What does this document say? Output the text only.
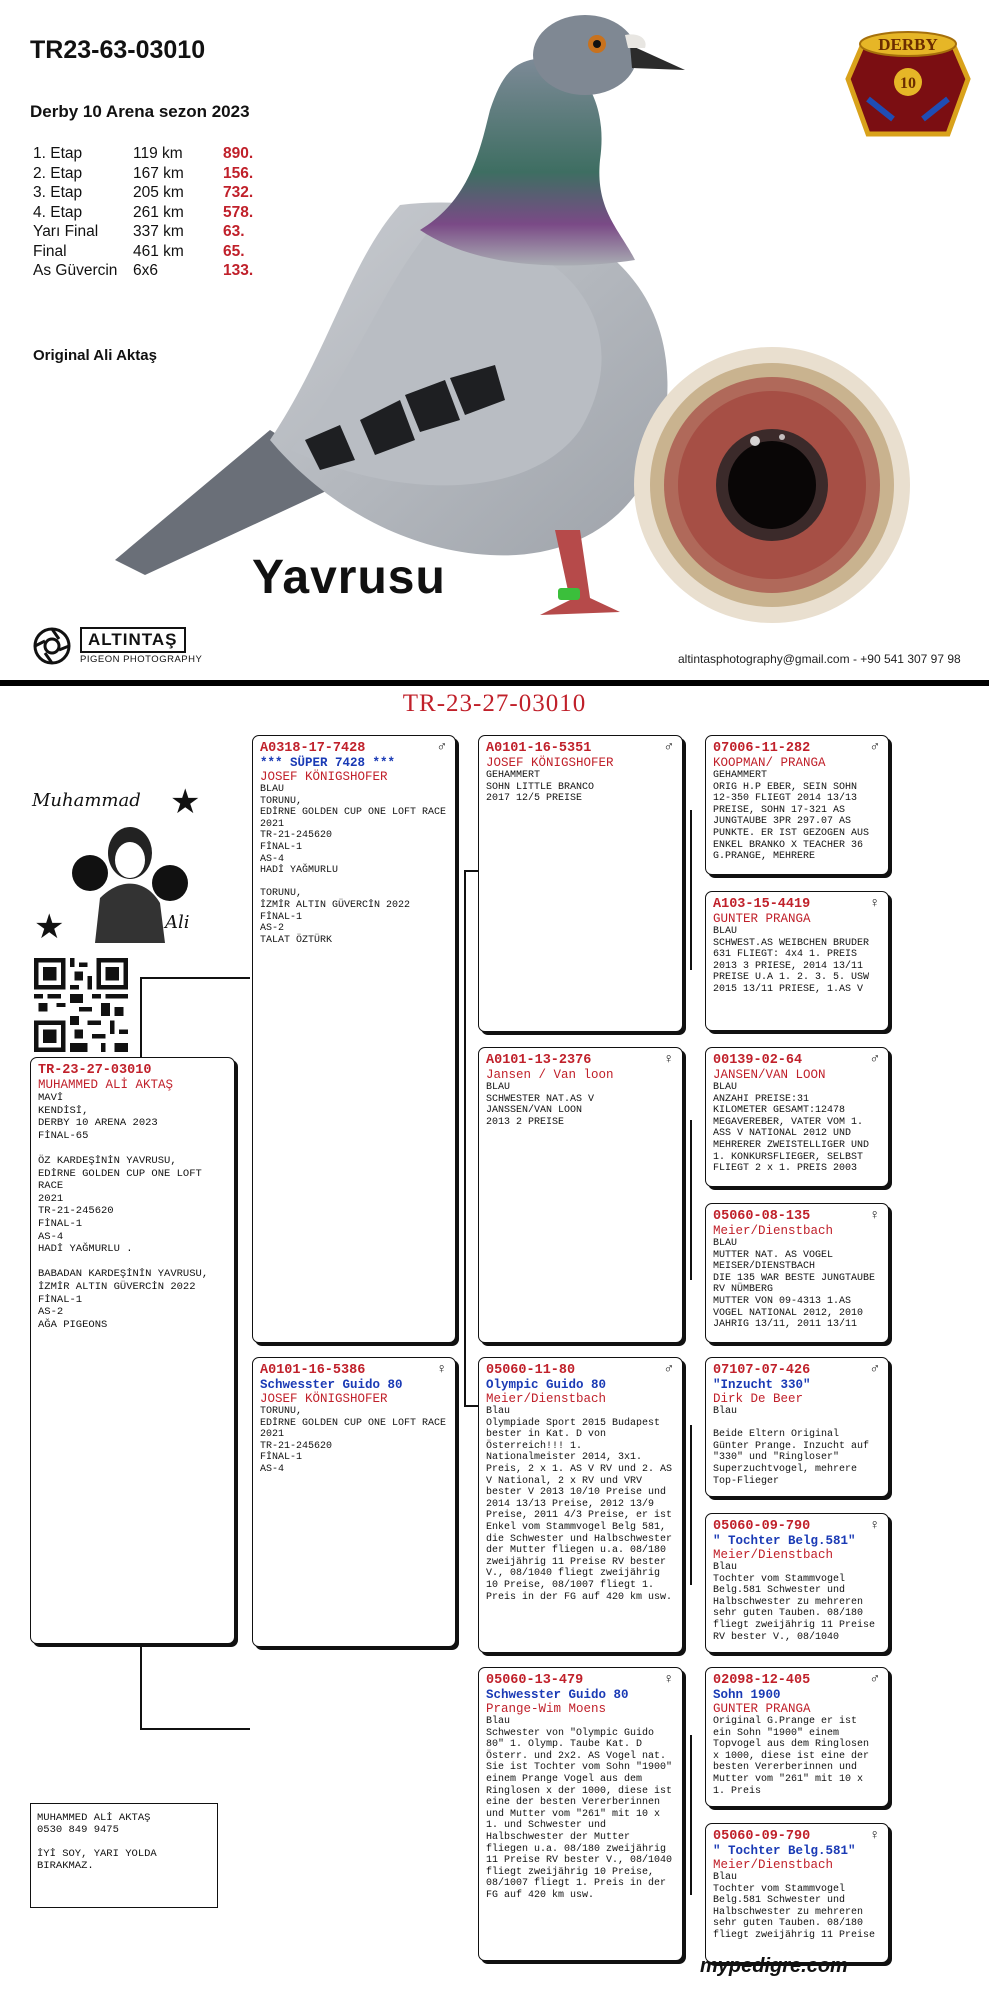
DERBY
10
TR23-63-03010
Derby 10 Arena sezon 2023
1. Etap	119 km	890.
2. Etap	167 km	156.
3. Etap	205 km	732.
4. Etap	261 km	578.
Yarı Final	337 km	63.
Final	461 km	65.
As Güvercin	6x6	133.
Original Ali Aktaş
Yavrusu
ALTINTAŞ
PIGEON PHOTOGRAPHY	altintasphotography@gmail.com - +90 541 307 97 98
TR-23-27-03010
Muhammad ★
★	Ali
TR-23-27-03010
MUHAMMED ALİ AKTAŞ
MAVİ
KENDİSİ,
DERBY 10 ARENA 2023
FİNAL-65

ÖZ KARDEŞİNİN YAVRUSU,
EDİRNE GOLDEN CUP ONE LOFT RACE
2021
TR-21-245620
FİNAL-1
AS-4
HADİ YAĞMURLU .

BABADAN KARDEŞİNİN YAVRUSU,
İZMİR ALTIN GÜVERCİN 2022
FİNAL-1
AS-2
AĞA PIGEONS
♂
A0318-17-7428
*** SÜPER 7428 ***
JOSEF KÖNIGSHOFER
BLAU
TORUNU,
EDİRNE GOLDEN CUP ONE LOFT RACE
2021
TR-21-245620
FİNAL-1
AS-4
HADİ YAĞMURLU

TORUNU,
İZMİR ALTIN GÜVERCİN 2022
FİNAL-1
AS-2
TALAT ÖZTÜRK
♀
A0101-16-5386
Schwesster Guido 80
JOSEF KÖNIGSHOFER
TORUNU,
EDİRNE GOLDEN CUP ONE LOFT RACE
2021
TR-21-245620
FİNAL-1
AS-4
♂
A0101-16-5351
JOSEF KÖNIGSHOFER
GEHAMMERT
SOHN LITTLE BRANCO
2017 12/5 PREISE
♀
A0101-13-2376
Jansen / Van loon
BLAU
SCHWESTER NAT.AS V
JANSSEN/VAN LOON
2013 2 PREISE
♂
05060-11-80
Olympic Guido 80
Meier/Dienstbach
Blau
Olympiade Sport 2015 Budapest bester in Kat. D von Österreich!!! 1. Nationalmeister 2014, 3x1. Preis, 2 x 1. AS V RV und 2. AS V National, 2 x RV und VRV bester V 2013 10/10 Preise und 2014 13/13 Preise, 2012 13/9 Preise, 2011 4/3 Preise, er ist Enkel vom Stammvogel Belg 581, die Schwester und Halbschwester der Mutter fliegen u.a. 08/180 zweijährig 11 Preise RV bester V., 08/1040 fliegt zweijährig 10 Preise, 08/1007 fliegt 1. Preis in der FG auf 420 km usw.
♀
05060-13-479
Schwesster Guido 80
Prange-Wim Moens
Blau
Schwester von "Olympic Guido 80" 1. Olymp. Taube Kat. D Österr. und 2x2. AS Vogel nat. Sie ist Tochter vom Sohn "1900" einem Prange Vogel aus dem Ringlosen x der 1000, diese ist eine der besten Vererberinnen und Mutter vom "261" mit 10 x 1. und Schwester und Halbschwester der Mutter fliegen u.a. 08/180 zweijährig 11 Preise RV bester V., 08/1040 fliegt zweijährig 10 Preise, 08/1007 fliegt 1. Preis in der FG auf 420 km usw.
♂
07006-11-282
KOOPMAN/ PRANGA
GEHAMMERT
ORIG H.P EBER, SEIN SOHN 12-350 FLIEGT 2014 13/13 PREISE, SOHN 17-321 AS JUNGTAUBE 3PR 297.07 AS PUNKTE. ER IST GEZOGEN AUS ENKEL BRANKO X TEACHER 36 G.PRANGE, MEHRERE
♀
A103-15-4419
GUNTER PRANGA
BLAU
SCHWEST.AS WEIBCHEN BRUDER 631 FLIEGT: 4x4 1. PREIS
2013 3 PRIESE, 2014 13/11 PREISE U.A 1. 2. 3. 5. USW
2015 13/11 PRIESE, 1.AS V
♂
00139-02-64
JANSEN/VAN LOON
BLAU
ANZAHI PREISE:31
KILOMETER GESAMT:12478
MEGAVEREBER, VATER VOM 1. ASS V NATIONAL 2012 UND MEHRERER ZWEISTELLIGER UND 1. KONKURSFLIEGER, SELBST FLIEGT 2 x 1. PREIS 2003
♀
05060-08-135
Meier/Dienstbach
BLAU
MUTTER NAT. AS VOGEL MEISER/DIENSTBACH
DIE 135 WAR BESTE JUNGTAUBE RV NÜMBERG
MUTTER VON 09-4313 1.AS VOGEL NATIONAL 2012, 2010 JAHRIG 13/11, 2011 13/11
♂
07107-07-426
"Inzucht 330"
Dirk De Beer
Blau

Beide Eltern Original Günter Prange. Inzucht auf "330" und "Ringloser" Superzuchtvogel, mehrere Top-Flieger
♀
05060-09-790
" Tochter Belg.581"
Meier/Dienstbach
Blau
Tochter vom Stammvogel Belg.581 Schwester und Halbschwester zu mehreren sehr guten Tauben. 08/180 fliegt zweijährig 11 Preise RV bester V., 08/1040
♂
02098-12-405
Sohn 1900
GUNTER PRANGA
Original G.Prange er ist ein Sohn "1900" einem Topvogel aus dem Ringlosen x 1000, diese ist eine der besten Vererberinnen und Mutter vom "261" mit 10 x 1. Preis
♀
05060-09-790
" Tochter Belg.581"
Meier/Dienstbach
Blau
Tochter vom Stammvogel Belg.581 Schwester und Halbschwester zu mehreren sehr guten Tauben. 08/180 fliegt zweijährig 11 Preise
MUHAMMED ALİ AKTAŞ
0530 849 9475

İYİ SOY, YARI YOLDA
BIRAKMAZ.
mypedigre.com
